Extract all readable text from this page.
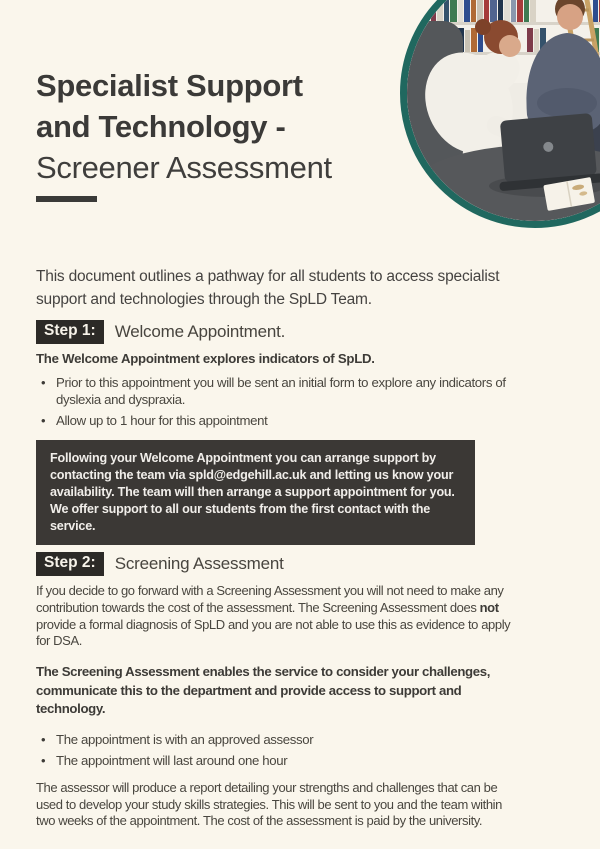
Specialist Support
and Technology -
Screener Assessment

This document outlines a pathway for all students to access specialist support and technologies through the SpLD Team.

Step 1:	Welcome Appointment.
The Welcome Appointment explores indicators of SpLD.
• Prior to this appointment you will be sent an initial form to explore any indicators of dyslexia and dyspraxia.
• Allow up to 1 hour for this appointment
Following your Welcome Appointment you can arrange support by contacting the team via spld@edgehill.ac.uk and letting us know your availability. The team will then arrange a support appointment for you. We offer support to all our students from the first contact with the service.
Step 2:	Screening Assessment

If you decide to go forward with a Screening Assessment you will not need to make any contribution towards the cost of the assessment. The Screening Assessment does not provide a formal diagnosis of SpLD and you are not able to use this as evidence to apply for DSA.

The Screening Assessment enables the service to consider your challenges, communicate this to the department and provide access to support and technology.

• The appointment is with an approved assessor
• The appointment will last around one hour

The assessor will produce a report detailing your strengths and challenges that can be used to develop your study skills strategies. This will be sent to you and the team within two weeks of the appointment. The cost of the assessment is paid by the university.
